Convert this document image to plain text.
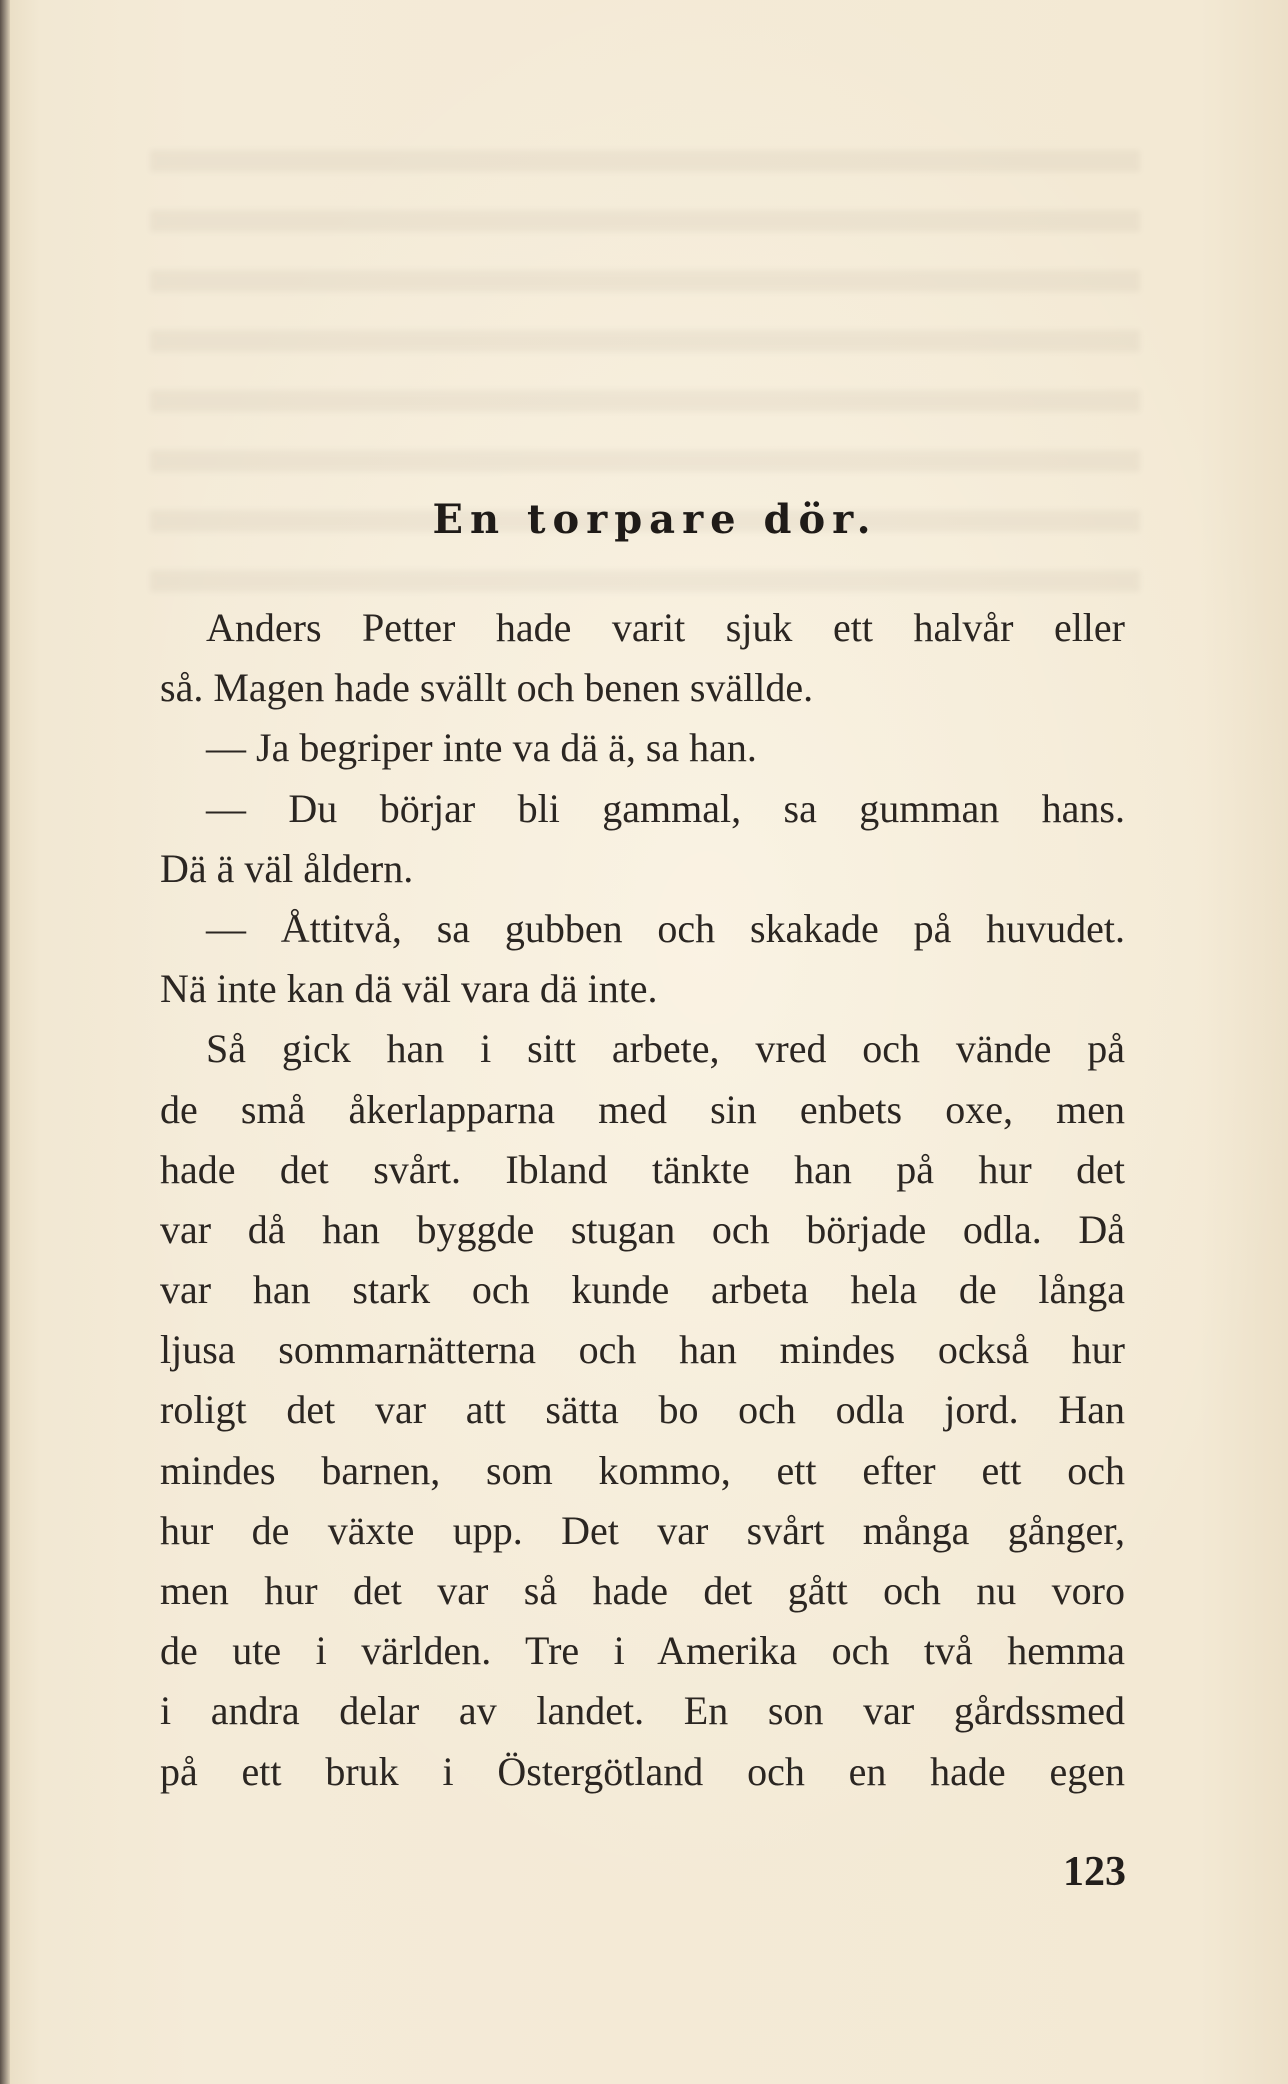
En torpare dör.
Anders Petter hade varit sjuk ett halvår eller
så. Magen hade svällt och benen svällde.
— Ja begriper inte va dä ä, sa han.
— Du börjar bli gammal, sa gumman hans.
Dä ä väl åldern.
— Åttitvå, sa gubben och skakade på huvudet.
Nä inte kan dä väl vara dä inte.
Så gick han i sitt arbete, vred och vände på
de små åkerlapparna med sin enbets oxe, men
hade det svårt. Ibland tänkte han på hur det
var då han byggde stugan och började odla. Då
var han stark och kunde arbeta hela de långa
ljusa sommarnätterna och han mindes också hur
roligt det var att sätta bo och odla jord. Han
mindes barnen, som kommo, ett efter ett och
hur de växte upp. Det var svårt många gånger,
men hur det var så hade det gått och nu voro
de ute i världen. Tre i Amerika och två hemma
i andra delar av landet. En son var gårdssmed
på ett bruk i Östergötland och en hade egen
123
